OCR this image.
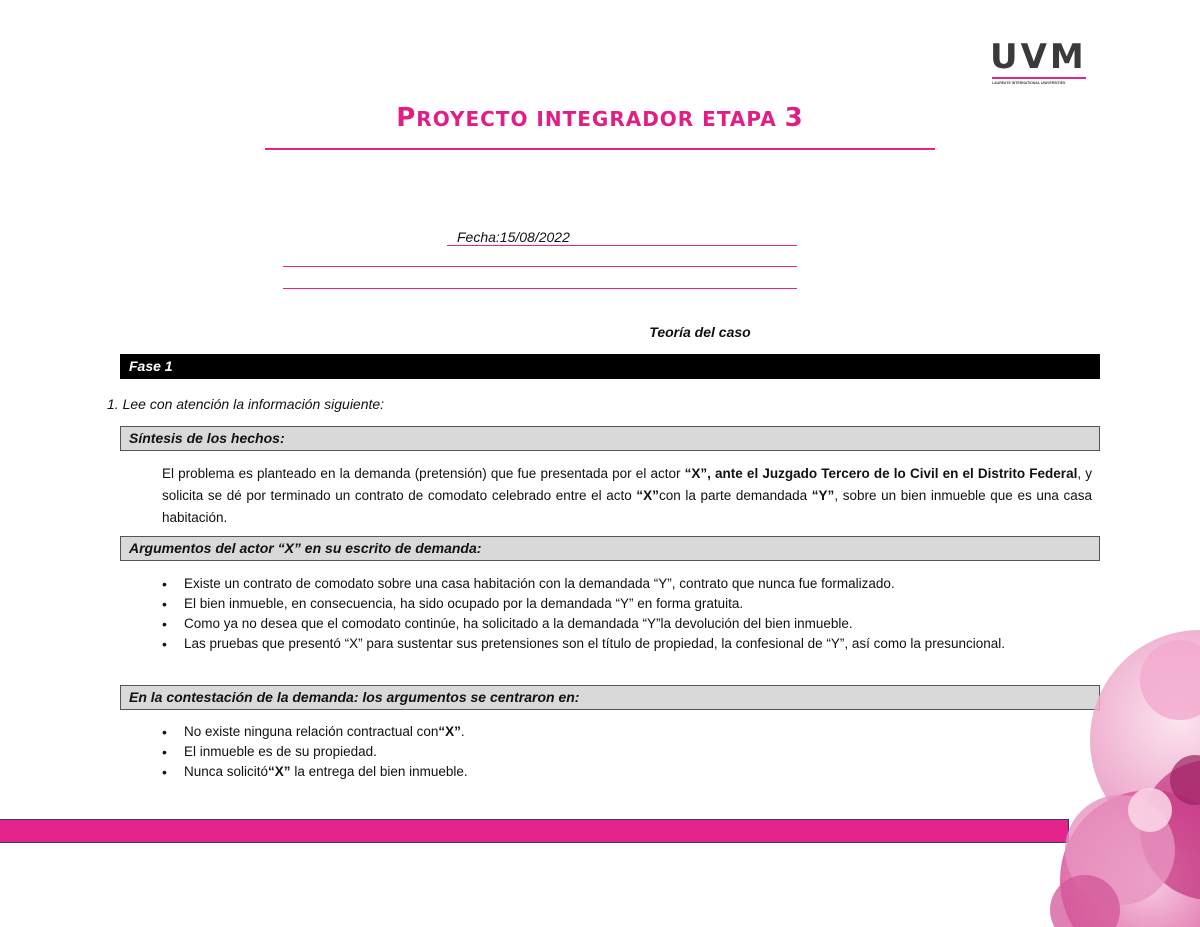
UVM
LAUREATE INTERNATIONAL UNIVERSITIES
PROYECTO INTEGRADOR ETAPA 3
Fecha:15/08/2022
Teoría del caso
Fase 1
1. Lee con atención la información siguiente:
Síntesis de los hechos:
El problema es planteado en la demanda (pretensión) que fue presentada por el actor “X”, ante el Juzgado Tercero de lo Civil en el Distrito Federal, y solicita se dé por terminado un contrato de comodato celebrado entre el acto “X”con la parte demandada “Y”, sobre un bien inmueble que es una casa habitación.
Argumentos del actor “X” en su escrito de demanda:
• Existe un contrato de comodato sobre una casa habitación con la demandada “Y”, contrato que nunca fue formalizado.
• El bien inmueble, en consecuencia, ha sido ocupado por la demandada “Y” en forma gratuita.
• Como ya no desea que el comodato continúe, ha solicitado a la demandada “Y”la devolución del bien inmueble.
• Las pruebas que presentó “X” para sustentar sus pretensiones son el título de propiedad, la confesional de “Y”, así como la presuncional.
En la contestación de la demanda: los argumentos se centraron en:
• No existe ninguna relación contractual con“X”.
• El inmueble es de su propiedad.
• Nunca solicitó“X” la entrega del bien inmueble.
